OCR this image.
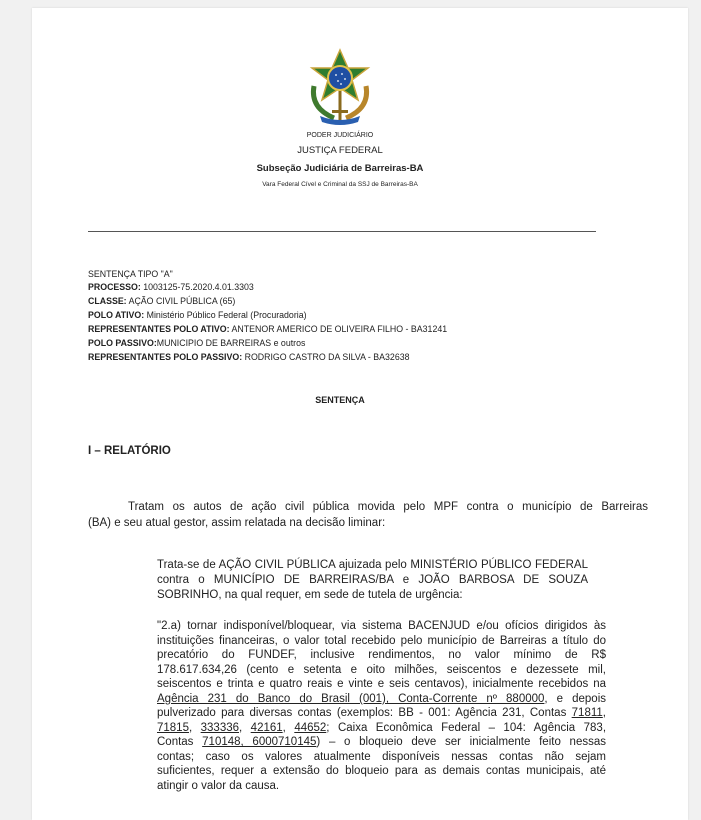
PODER JUDICIÁRIO
JUSTIÇA FEDERAL
Subseção Judiciária de Barreiras-BA
Vara Federal Cível e Criminal da SSJ de Barreiras-BA
SENTENÇA TIPO "A"
PROCESSO: 1003125-75.2020.4.01.3303
CLASSE: AÇÃO CIVIL PÚBLICA (65)
POLO ATIVO: Ministério Público Federal (Procuradoria)
REPRESENTANTES POLO ATIVO: ANTENOR AMERICO DE OLIVEIRA FILHO - BA31241
POLO PASSIVO:MUNICIPIO DE BARREIRAS e outros
REPRESENTANTES POLO PASSIVO: RODRIGO CASTRO DA SILVA - BA32638
SENTENÇA
I – RELATÓRIO
Tratam os autos de ação civil pública movida pelo MPF contra o município de Barreiras
(BA) e seu atual gestor, assim relatada na decisão liminar:
Trata-se de AÇÃO CIVIL PÚBLICA ajuizada pelo MINISTÉRIO PÚBLICO FEDERAL
contra o MUNICÍPIO DE BARREIRAS/BA e JOÃO BARBOSA DE SOUZA
SOBRINHO, na qual requer, em sede de tutela de urgência:
"2.a) tornar indisponível/bloquear, via sistema BACENJUD e/ou ofícios dirigidos às
instituições financeiras, o valor total recebido pelo município de Barreiras a título do
precatório do FUNDEF, inclusive rendimentos, no valor mínimo de R$
178.617.634,26 (cento e setenta e oito milhões, seiscentos e dezessete mil,
seiscentos e trinta e quatro reais e vinte e seis centavos), inicialmente recebidos na
Agência 231 do Banco do Brasil (001), Conta-Corrente nº 880000, e depois
pulverizado para diversas contas (exemplos: BB - 001: Agência 231, Contas 71811,
71815, 333336, 42161, 44652; Caixa Econômica Federal – 104: Agência 783,
Contas 710148, 6000710145) – o bloqueio deve ser inicialmente feito nessas
contas; caso os valores atualmente disponíveis nessas contas não sejam
suficientes, requer a extensão do bloqueio para as demais contas municipais, até
atingir o valor da causa.
